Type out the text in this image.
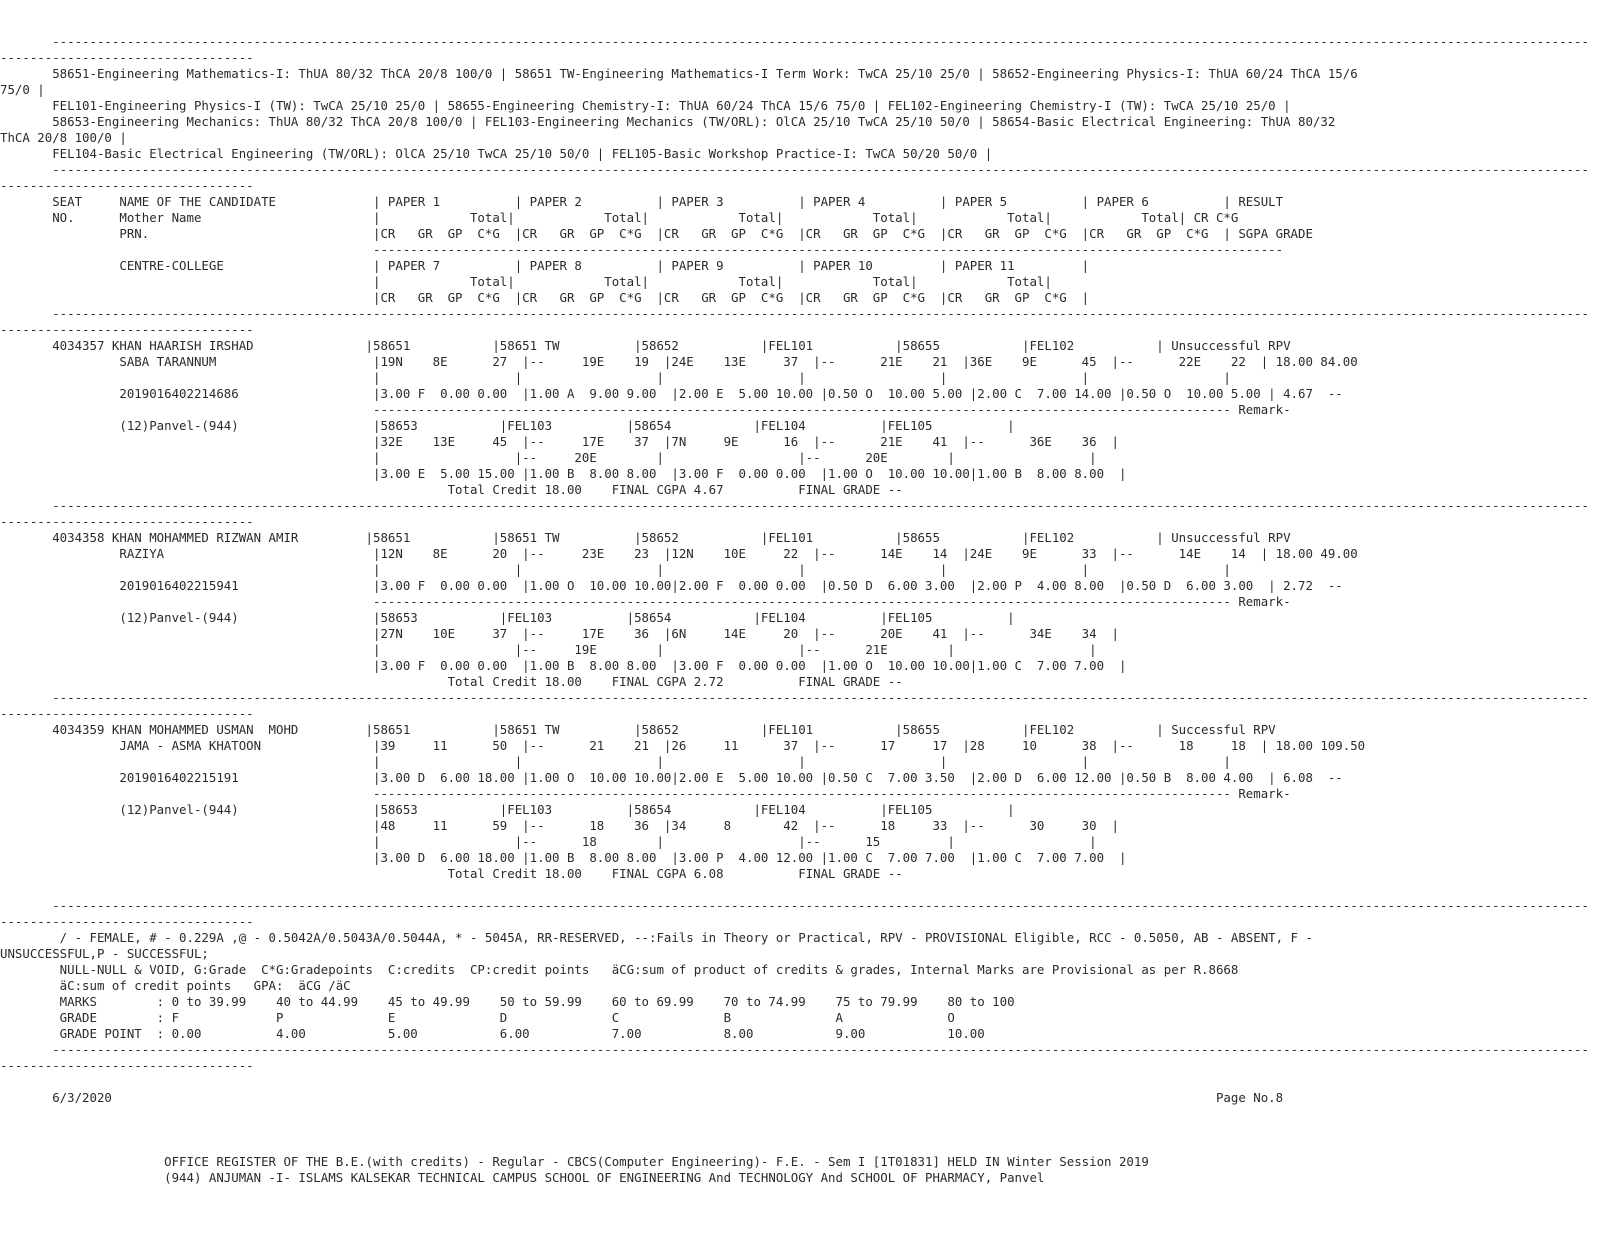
--------------------------------------------------------------------------------------------------------------------------------------------------------------------------------------------------------------
----------------------------------
58651-Engineering Mathematics-I: ThUA 80/32 ThCA 20/8 100/0 | 58651 TW-Engineering Mathematics-I Term Work: TwCA 25/10 25/0 | 58652-Engineering Physics-I: ThUA 60/24 ThCA 15/6
75/0 |
FEL101-Engineering Physics-I (TW): TwCA 25/10 25/0 | 58655-Engineering Chemistry-I: ThUA 60/24 ThCA 15/6 75/0 | FEL102-Engineering Chemistry-I (TW): TwCA 25/10 25/0 |
58653-Engineering Mechanics: ThUA 80/32 ThCA 20/8 100/0 | FEL103-Engineering Mechanics (TW/ORL): OlCA 25/10 TwCA 25/10 50/0 | 58654-Basic Electrical Engineering: ThUA 80/32
ThCA 20/8 100/0 |
FEL104-Basic Electrical Engineering (TW/ORL): OlCA 25/10 TwCA 25/10 50/0 | FEL105-Basic Workshop Practice-I: TwCA 50/20 50/0 |
--------------------------------------------------------------------------------------------------------------------------------------------------------------------------------------------------------------
----------------------------------
SEAT     NAME OF THE CANDIDATE             | PAPER 1          | PAPER 2          | PAPER 3          | PAPER 4          | PAPER 5          | PAPER 6          | RESULT
NO.      Mother Name                       |            Total|            Total|            Total|            Total|            Total|            Total| CR C*G
PRN.                              |CR   GR  GP  C*G  |CR   GR  GP  C*G  |CR   GR  GP  C*G  |CR   GR  GP  C*G  |CR   GR  GP  C*G  |CR   GR  GP  C*G  | SGPA GRADE
--------------------------------------------------------------------------------------------------------------------------
CENTRE-COLLEGE                    | PAPER 7          | PAPER 8          | PAPER 9          | PAPER 10         | PAPER 11         |
|            Total|            Total|            Total|            Total|            Total|
|CR   GR  GP  C*G  |CR   GR  GP  C*G  |CR   GR  GP  C*G  |CR   GR  GP  C*G  |CR   GR  GP  C*G  |
--------------------------------------------------------------------------------------------------------------------------------------------------------------------------------------------------------------
----------------------------------
4034357 KHAN HAARISH IRSHAD               |58651           |58651 TW          |58652           |FEL101           |58655           |FEL102           | Unsuccessful RPV
SABA TARANNUM                     |19N    8E      27  |--     19E    19  |24E    13E     37  |--      21E    21  |36E    9E      45  |--      22E    22  | 18.00 84.00
|                  |                  |                  |                  |                  |                  |
2019016402214686                  |3.00 F  0.00 0.00  |1.00 A  9.00 9.00  |2.00 E  5.00 10.00 |0.50 O  10.00 5.00 |2.00 C  7.00 14.00 |0.50 O  10.00 5.00 | 4.67  --
------------------------------------------------------------------------------------------------------------------- Remark-
(12)Panvel-(944)                  |58653           |FEL103          |58654           |FEL104          |FEL105          |
|32E    13E     45  |--     17E    37  |7N     9E      16  |--      21E    41  |--      36E    36  |
|                  |--     20E        |                  |--      20E        |                  |
|3.00 E  5.00 15.00 |1.00 B  8.00 8.00  |3.00 F  0.00 0.00  |1.00 O  10.00 10.00|1.00 B  8.00 8.00  |
Total Credit 18.00    FINAL CGPA 4.67          FINAL GRADE --
--------------------------------------------------------------------------------------------------------------------------------------------------------------------------------------------------------------
----------------------------------
4034358 KHAN MOHAMMED RIZWAN AMIR         |58651           |58651 TW          |58652           |FEL101           |58655           |FEL102           | Unsuccessful RPV
RAZIYA                            |12N    8E      20  |--     23E    23  |12N    10E     22  |--      14E    14  |24E    9E      33  |--      14E    14  | 18.00 49.00
|                  |                  |                  |                  |                  |                  |
2019016402215941                  |3.00 F  0.00 0.00  |1.00 O  10.00 10.00|2.00 F  0.00 0.00  |0.50 D  6.00 3.00  |2.00 P  4.00 8.00  |0.50 D  6.00 3.00  | 2.72  --
------------------------------------------------------------------------------------------------------------------- Remark-
(12)Panvel-(944)                  |58653           |FEL103          |58654           |FEL104          |FEL105          |
|27N    10E     37  |--     17E    36  |6N     14E     20  |--      20E    41  |--      34E    34  |
|                  |--     19E        |                  |--      21E        |                  |
|3.00 F  0.00 0.00  |1.00 B  8.00 8.00  |3.00 F  0.00 0.00  |1.00 O  10.00 10.00|1.00 C  7.00 7.00  |
Total Credit 18.00    FINAL CGPA 2.72          FINAL GRADE --
--------------------------------------------------------------------------------------------------------------------------------------------------------------------------------------------------------------
----------------------------------
4034359 KHAN MOHAMMED USMAN  MOHD         |58651           |58651 TW          |58652           |FEL101           |58655           |FEL102           | Successful RPV
JAMA - ASMA KHATOON               |39     11      50  |--      21    21  |26     11      37  |--      17     17  |28     10      38  |--      18     18  | 18.00 109.50
|                  |                  |                  |                  |                  |                  |
2019016402215191                  |3.00 D  6.00 18.00 |1.00 O  10.00 10.00|2.00 E  5.00 10.00 |0.50 C  7.00 3.50  |2.00 D  6.00 12.00 |0.50 B  8.00 4.00  | 6.08  --
------------------------------------------------------------------------------------------------------------------- Remark-
(12)Panvel-(944)                  |58653           |FEL103          |58654           |FEL104          |FEL105          |
|48     11      59  |--      18    36  |34     8       42  |--      18     33  |--      30     30  |
|                  |--      18        |                  |--      15         |                  |
|3.00 D  6.00 18.00 |1.00 B  8.00 8.00  |3.00 P  4.00 12.00 |1.00 C  7.00 7.00  |1.00 C  7.00 7.00  |
Total Credit 18.00    FINAL CGPA 6.08          FINAL GRADE --

--------------------------------------------------------------------------------------------------------------------------------------------------------------------------------------------------------------
----------------------------------
/ - FEMALE, # - 0.229A ,@ - 0.5042A/0.5043A/0.5044A, * - 5045A, RR-RESERVED, --:Fails in Theory or Practical, RPV - PROVISIONAL Eligible, RCC - 0.5050, AB - ABSENT, F -
UNSUCCESSFUL,P - SUCCESSFUL;
NULL-NULL & VOID, G:Grade  C*G:Gradepoints  C:credits  CP:credit points   äCG:sum of product of credits & grades, Internal Marks are Provisional as per R.8668
äC:sum of credit points   GPA:  äCG /äC
MARKS        : 0 to 39.99    40 to 44.99    45 to 49.99    50 to 59.99    60 to 69.99    70 to 74.99    75 to 79.99    80 to 100
GRADE        : F             P              E              D              C              B              A              O
GRADE POINT  : 0.00          4.00           5.00           6.00           7.00           8.00           9.00           10.00
--------------------------------------------------------------------------------------------------------------------------------------------------------------------------------------------------------------
----------------------------------

6/3/2020                                                                                                                                                    Page No.8

OFFICE REGISTER OF THE B.E.(with credits) - Regular - CBCS(Computer Engineering)- F.E. - Sem I [1T01831] HELD IN Winter Session 2019
(944) ANJUMAN -I- ISLAMS KALSEKAR TECHNICAL CAMPUS SCHOOL OF ENGINEERING And TECHNOLOGY And SCHOOL OF PHARMACY, Panvel
